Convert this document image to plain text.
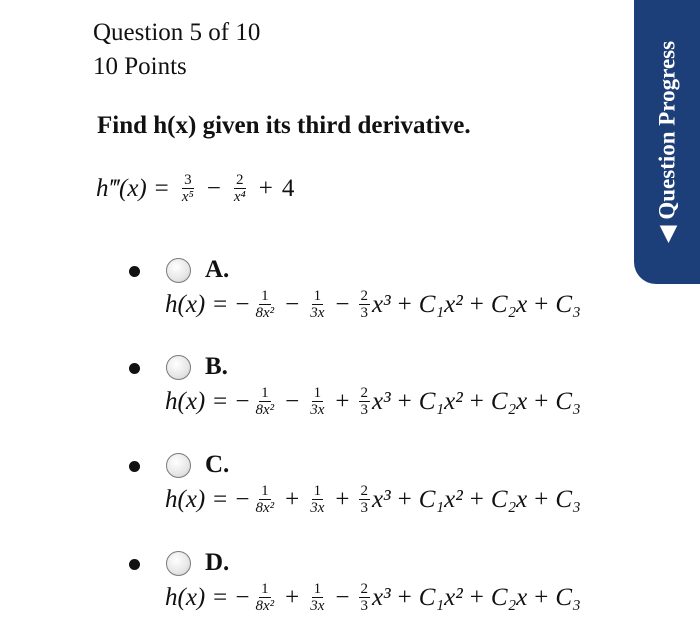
Question 5 of 10
10 Points
Find h(x) given its third derivative.
h‴(x) = $\frac{3}{\text{x⁵}} - \frac{2}{\text{x⁴}} + 4$
A.
h(x) = − $\frac{1}{\text{8x²}} - \frac{1}{3x} - \frac{2}{3} x^3 + C_1x^2 + C_2x + C_3$
B.
h(x) = − $\frac{1}{\text{8x²}} - \frac{1}{3x} + \frac{2}{3} x^3 + C_1x^2 + C_2x + C_3$
C.
h(x) = − $\frac{1}{\text{8x²}} + \frac{1}{3x} + \frac{2}{3} x^3 + C_1x^2 + C_2x + C_3$
D.
h(x) = − $\frac{1}{\text{8x²}} + \frac{1}{3x} - \frac{2}{3} x^3 + C_1x^2 + C_2x + C_3$
◀ Question Progress
